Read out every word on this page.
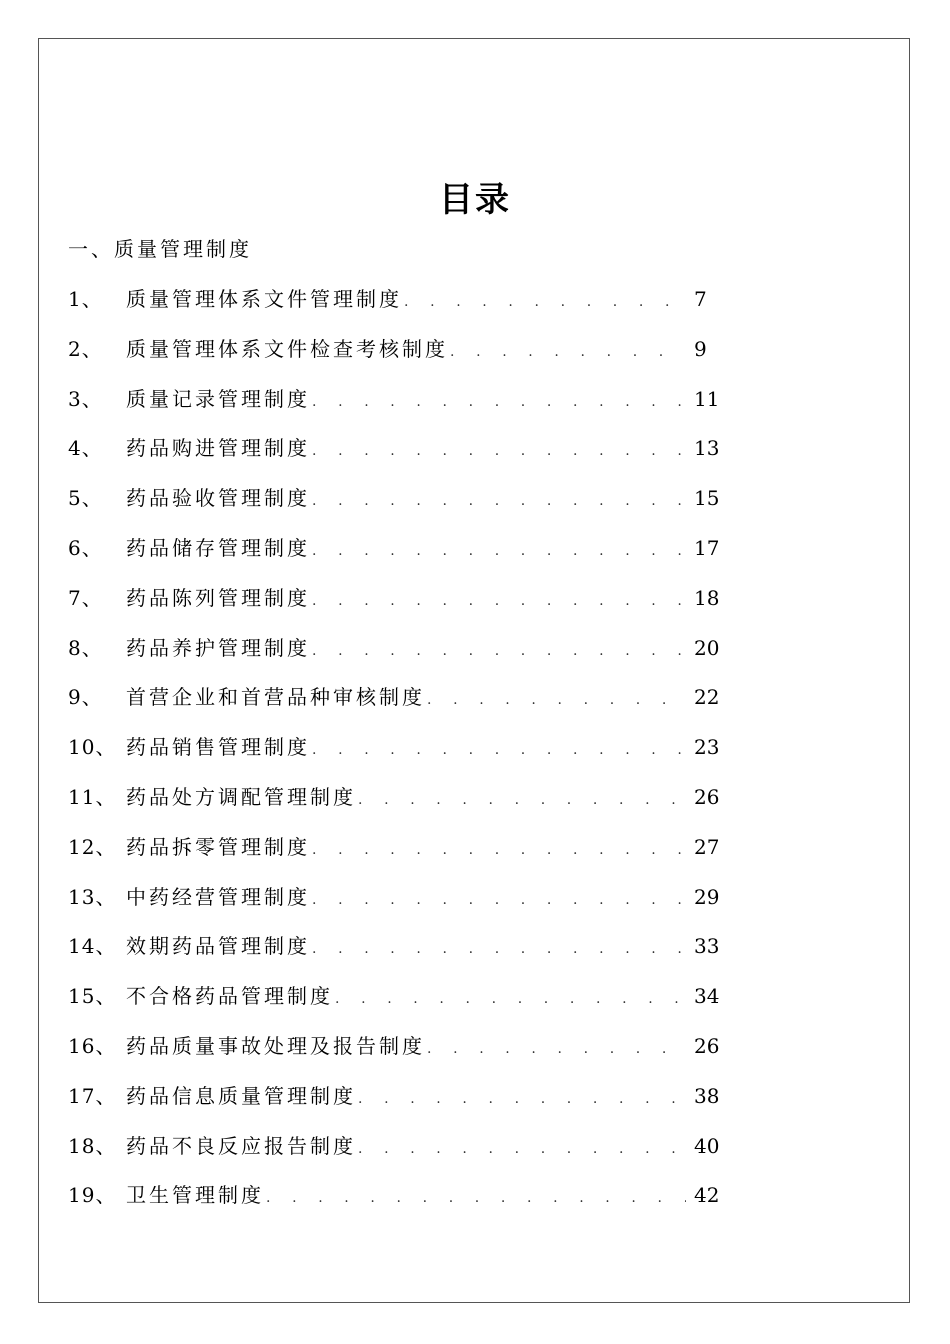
目录
一、质量管理制度
1、	质量管理体系文件管理制度 . . .	7
2、	质量管理体系文件检查考核制度 . . .	9
3、	质量记录管理制度 . . .	11
4、	药品购进管理制度 . . .	13
5、	药品验收管理制度 . . .	15
6、	药品储存管理制度 . . .	17
7、	药品陈列管理制度 . . .	18
8、	药品养护管理制度 . . .	20
9、	首营企业和首营品种审核制度 . . .	22
10、 药品销售管理制度 . . .	23
11、 药品处方调配管理制度 . . .	26
12、 药品拆零管理制度 . . .	27
13、 中药经营管理制度 . . .	29
14、 效期药品管理制度 . . .	33
15、 不合格药品管理制度 . . .	34
16、 药品质量事故处理及报告制度 . . .	26
17、 药品信息质量管理制度 . . .	38
18、 药品不良反应报告制度 . . .	40
19、 卫生管理制度 . . .	42
